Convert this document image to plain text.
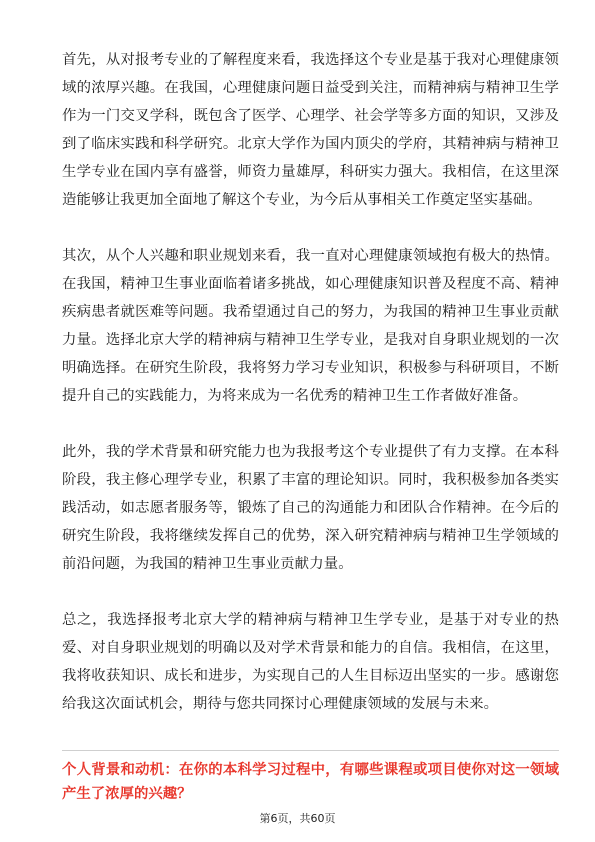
首先，从对报考专业的了解程度来看，我选择这个专业是基于我对心理健康领域的浓厚兴趣。在我国，心理健康问题日益受到关注，而精神病与精神卫生学作为一门交叉学科，既包含了医学、心理学、社会学等多方面的知识，又涉及到了临床实践和科学研究。北京大学作为国内顶尖的学府，其精神病与精神卫生学专业在国内享有盛誉，师资力量雄厚，科研实力强大。我相信，在这里深造能够让我更加全面地了解这个专业，为今后从事相关工作奠定坚实基础。

其次，从个人兴趣和职业规划来看，我一直对心理健康领域抱有极大的热情。在我国，精神卫生事业面临着诸多挑战，如心理健康知识普及程度不高、精神疾病患者就医难等问题。我希望通过自己的努力，为我国的精神卫生事业贡献力量。选择北京大学的精神病与精神卫生学专业，是我对自身职业规划的一次明确选择。在研究生阶段，我将努力学习专业知识，积极参与科研项目，不断提升自己的实践能力，为将来成为一名优秀的精神卫生工作者做好准备。

此外，我的学术背景和研究能力也为我报考这个专业提供了有力支撑。在本科阶段，我主修心理学专业，积累了丰富的理论知识。同时，我积极参加各类实践活动，如志愿者服务等，锻炼了自己的沟通能力和团队合作精神。在今后的研究生阶段，我将继续发挥自己的优势，深入研究精神病与精神卫生学领域的前沿问题，为我国的精神卫生事业贡献力量。

总之，我选择报考北京大学的精神病与精神卫生学专业，是基于对专业的热爱、对自身职业规划的明确以及对学术背景和能力的自信。我相信，在这里，我将收获知识、成长和进步，为实现自己的人生目标迈出坚实的一步。感谢您给我这次面试机会，期待与您共同探讨心理健康领域的发展与未来。

个人背景和动机：在你的本科学习过程中，有哪些课程或项目使你对这一领域产生了浓厚的兴趣？

第6页，共60页
